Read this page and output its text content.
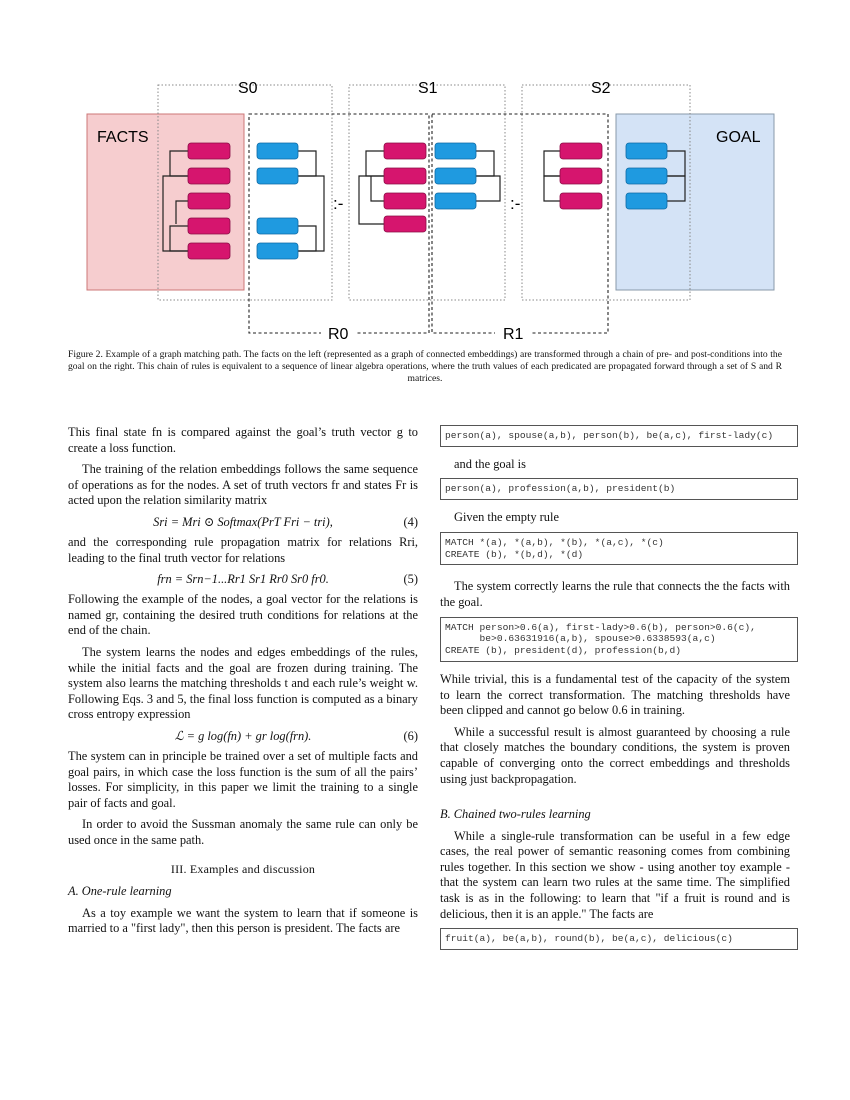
S0	S1	S2
R0	R1
FACTS	GOAL
:-	:-
Figure 2. Example of a graph matching path. The facts on the left (represented as a graph of connected embeddings) are transformed through a chain of pre- and post-conditions into the goal on the right. This chain of rules is equivalent to a sequence of linear algebra operations, where the truth values of each predicated are propagated forward through a set of S and R matrices.

This final state fn is compared against the goal’s truth vector g to create a loss function.

The training of the relation embeddings follows the same sequence of operations as for the nodes. A set of truth vectors fr and states Fr is acted upon the relation similarity matrix

Sri = Mri ⊙ Softmax(PrT Fri − tri),	(4)

and the corresponding rule propagation matrix for relations Rri, leading to the final truth vector for relations

frn = Srn−1...Rr1 Sr1 Rr0 Sr0 fr0.	(5)

Following the example of the nodes, a goal vector for the relations is named gr, containing the desired truth conditions for relations at the end of the chain.

The system learns the nodes and edges embeddings of the rules, while the initial facts and the goal are frozen during training. The system also learns the matching thresholds t and each rule’s weight w. Following Eqs. 3 and 5, the final loss function is computed as a binary cross entropy expression

ℒ = g log(fn) + gr log(frn).	(6)

The system can in principle be trained over a set of multiple facts and goal pairs, in which case the loss function is the sum of all the pairs’ losses. For simplicity, in this paper we limit the training to a single pair of facts and goal.

In order to avoid the Sussman anomaly the same rule can only be used once in the same path.

III. Examples and discussion
A. One-rule learning

As a toy example we want the system to learn that if someone is married to a "first lady", then this person is president. The facts are

person(a), spouse(a,b), person(b), be(a,c), first-lady(c)

and the goal is

person(a), profession(a,b), president(b)

Given the empty rule

MATCH *(a), *(a,b), *(b), *(a,c), *(c)
CREATE (b), *(b,d), *(d)

The system correctly learns the rule that connects the the facts with the goal.

MATCH person>0.6(a), first-lady>0.6(b), person>0.6(c),
be>0.63631916(a,b), spouse>0.6338593(a,c)
CREATE (b), president(d), profession(b,d)

While trivial, this is a fundamental test of the capacity of the system to learn the correct transformation. The matching thresholds have been clipped and cannot go below 0.6 in training.

While a successful result is almost guaranteed by choosing a rule that closely matches the boundary conditions, the system is proven capable of converging onto the correct embeddings and thresholds using just backpropagation.

B. Chained two-rules learning

While a single-rule transformation can be useful in a few edge cases, the real power of semantic reasoning comes from combining rules together. In this section we show - using another toy example - that the system can learn two rules at the same time. The simplified task is as in the following: to learn that "if a fruit is round and is delicious, then it is an apple." The facts are

fruit(a), be(a,b), round(b), be(a,c), delicious(c)
